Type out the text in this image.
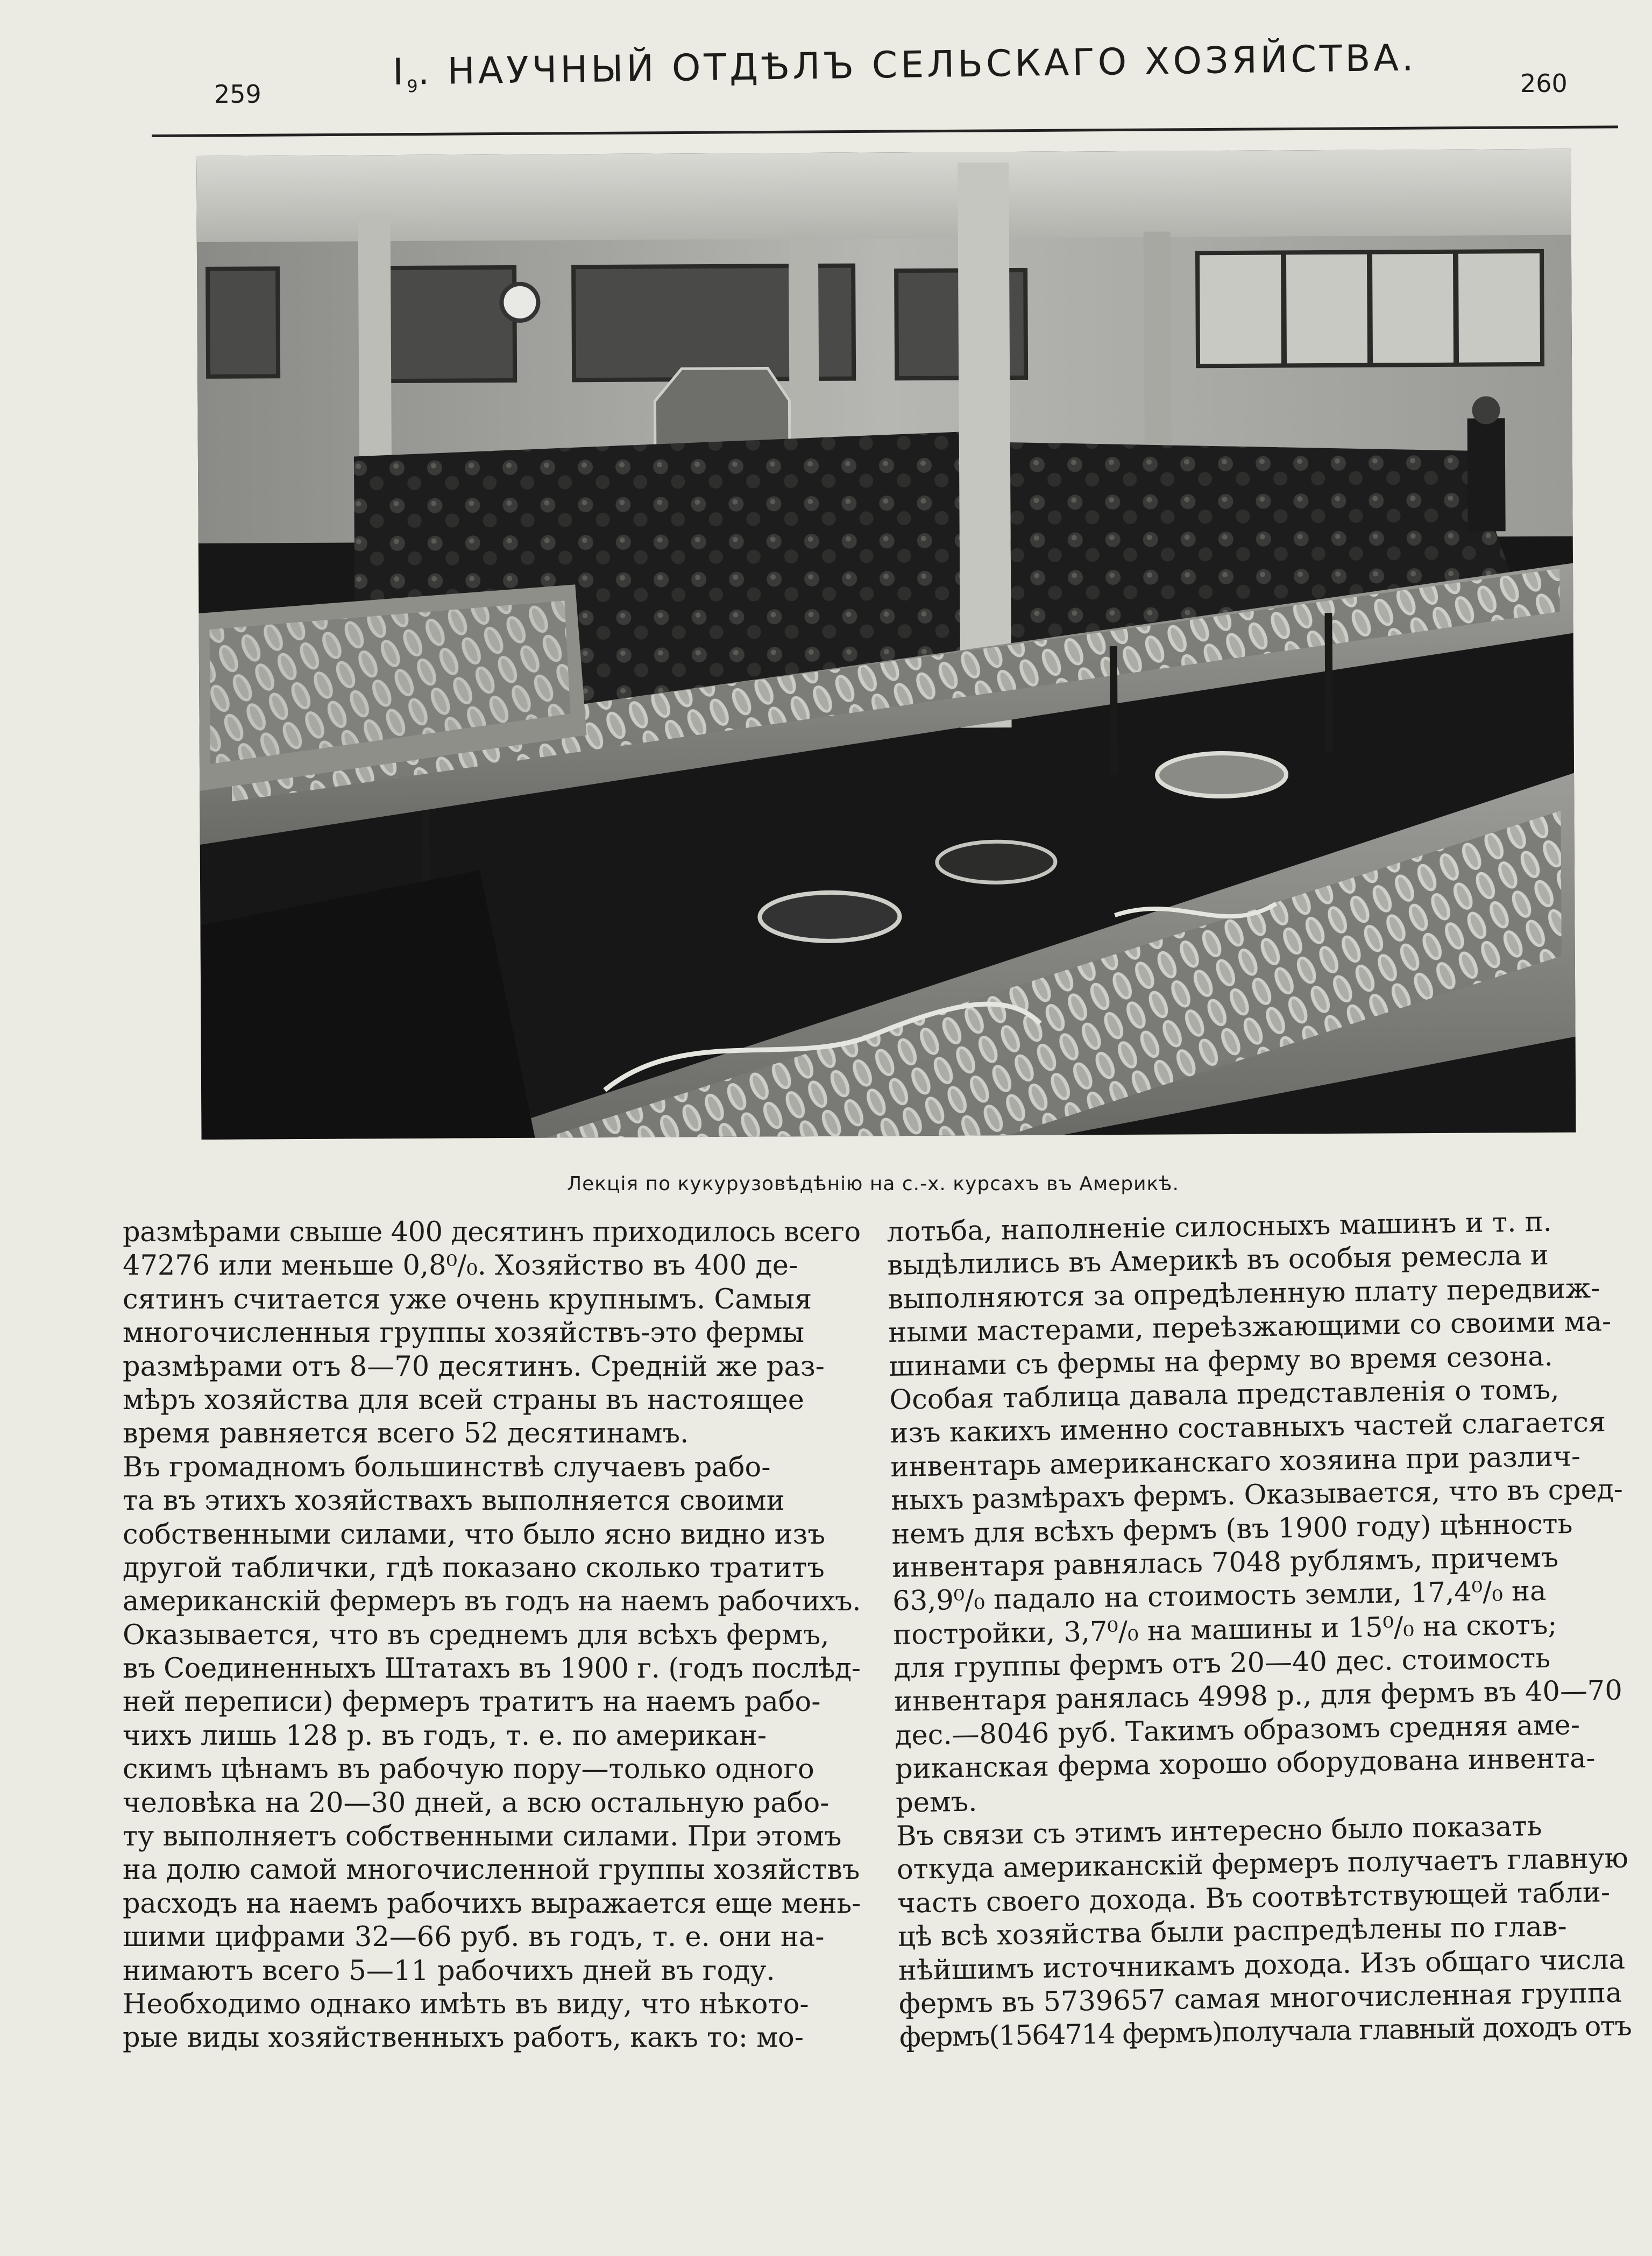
259
$I_9$. НАУЧНЫЙ ОТДѢЛЪ СЕЛЬСКАГО ХОЗЯЙСТВА.	260
Лекція по кукурузовѣдѣнію на с.-х. курсахъ въ Америкѣ.
размѣрами свыше 400 десятинъ приходилось всего
47276 или меньше 0,8⁰/₀. Хозяйство въ 400 де-
сятинъ считается уже очень крупнымъ. Самыя
многочисленныя группы хозяйствъ-это фермы
размѣрами отъ 8—70 десятинъ. Средній же раз-
мѣръ хозяйства для всей страны въ настоящее
время равняется всего 52 десятинамъ.
Въ громадномъ большинствѣ случаевъ рабо-
та въ этихъ хозяйствахъ выполняется своими
собственными силами, что было ясно видно изъ
другой таблички, гдѣ показано сколько тратитъ
американскій фермеръ въ годъ на наемъ рабочихъ.
Оказывается, что въ среднемъ для всѣхъ фермъ,
въ Соединенныхъ Штатахъ въ 1900 г. (годъ послѣд-
ней переписи) фермеръ тратитъ на наемъ рабо-
чихъ лишь 128 р. въ годъ, т. е. по американ-
скимъ цѣнамъ въ рабочую пору—только одного
человѣка на 20—30 дней, а всю остальную рабо-
ту выполняетъ собственными силами. При этомъ
на долю самой многочисленной группы хозяйствъ
расходъ на наемъ рабочихъ выражается еще мень-
шими цифрами 32—66 руб. въ годъ, т. е. они на-
нимаютъ всего 5—11 рабочихъ дней въ году.
Необходимо однако имѣть въ виду, что нѣкото-
рые виды хозяйственныхъ работъ, какъ то: мо-
лотьба, наполненіе силосныхъ машинъ и т. п.
выдѣлились въ Америкѣ въ особыя ремесла и
выполняются за опредѣленную плату передвиж-
ными мастерами, переѣзжающими со своими ма-
шинами съ фермы на ферму во время сезона.
Особая таблица давала представленія о томъ,
изъ какихъ именно составныхъ частей слагается
инвентарь американскаго хозяина при различ-
ныхъ размѣрахъ фермъ. Оказывается, что въ сред-
немъ для всѣхъ фермъ (въ 1900 году) цѣнность
инвентаря равнялась 7048 рублямъ, причемъ
63,9⁰/₀ падало на стоимость земли, 17,4⁰/₀ на
постройки, 3,7⁰/₀ на машины и 15⁰/₀ на скотъ;
для группы фермъ отъ 20—40 дес. стоимость
инвентаря ранялась 4998 р., для фермъ въ 40—70
дес.—8046 руб. Такимъ образомъ средняя аме-
риканская ферма хорошо оборудована инвента-
ремъ.
Въ связи съ этимъ интересно было показать
откуда американскій фермеръ получаетъ главную
часть своего дохода. Въ соотвѣтствующей табли-
цѣ всѣ хозяйства были распредѣлены по глав-
нѣйшимъ источникамъ дохода. Изъ общаго числа
фермъ въ 5739657 самая многочисленная группа
фермъ(1564714 фермъ)получала главный доходъ отъ
